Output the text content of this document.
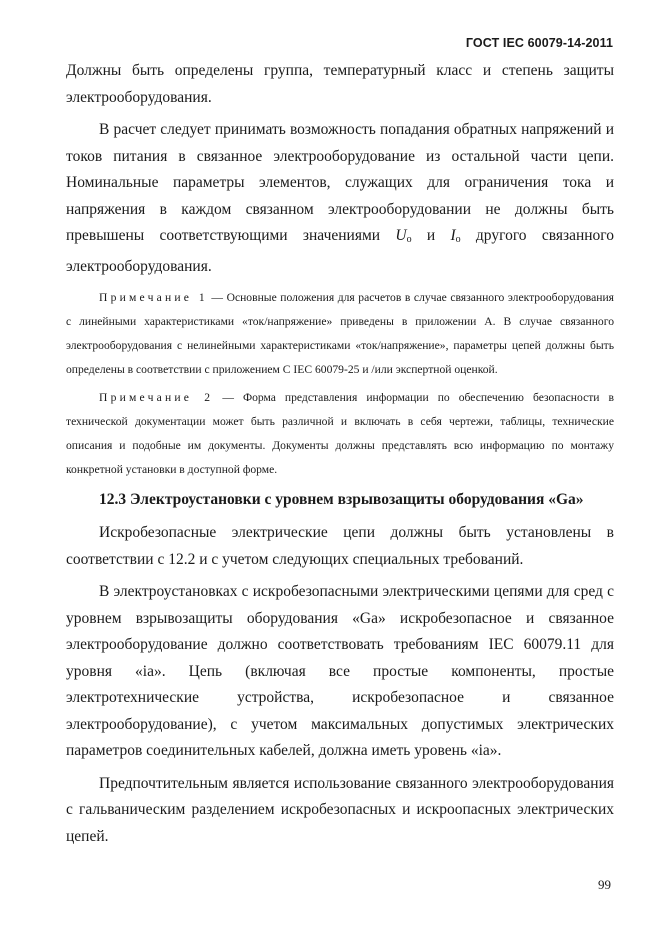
ГОСТ IEC 60079-14-2011

Должны быть определены группа, температурный класс и степень защиты электрооборудования.

В расчет следует принимать возможность попадания обратных напряжений и токов питания в связанное электрооборудование из остальной части цепи. Номинальные параметры элементов, служащих для ограничения тока и напряжения в каждом связанном электрооборудовании не должны быть превышены соответствующими значениями $U_o$ и $I_o$ другого связанного электрооборудования.

Примечание 1 — Основные положения для расчетов в случае связанного электрооборудования с линейными характеристиками «ток/напряжение» приведены в приложении А. В случае связанного электрооборудования с нелинейными характеристиками «ток/напряжение», параметры цепей должны быть определены в соответствии с приложением С IEC 60079-25 и /или экспертной оценкой.

Примечание 2 — Форма представления информации по обеспечению безопасности в технической документации может быть различной и включать в себя чертежи, таблицы, технические описания и подобные им документы. Документы должны представлять всю информацию по монтажу конкретной установки в доступной форме.

12.3 Электроустановки с уровнем взрывозащиты оборудования «Ga»

Искробезопасные электрические цепи должны быть установлены в соответствии с 12.2 и с учетом следующих специальных требований.

В электроустановках с искробезопасными электрическими цепями для сред с уровнем взрывозащиты оборудования «Ga» искробезопасное и связанное электрооборудование должно соответствовать требованиям IEC 60079.11 для уровня «ia». Цепь (включая все простые компоненты, простые электротехнические устройства, искробезопасное и связанное электрооборудование), с учетом максимальных допустимых электрических параметров соединительных кабелей, должна иметь уровень «ia».

Предпочтительным является использование связанного электрооборудования с гальваническим разделением искробезопасных и искроопасных электрических цепей.

99
